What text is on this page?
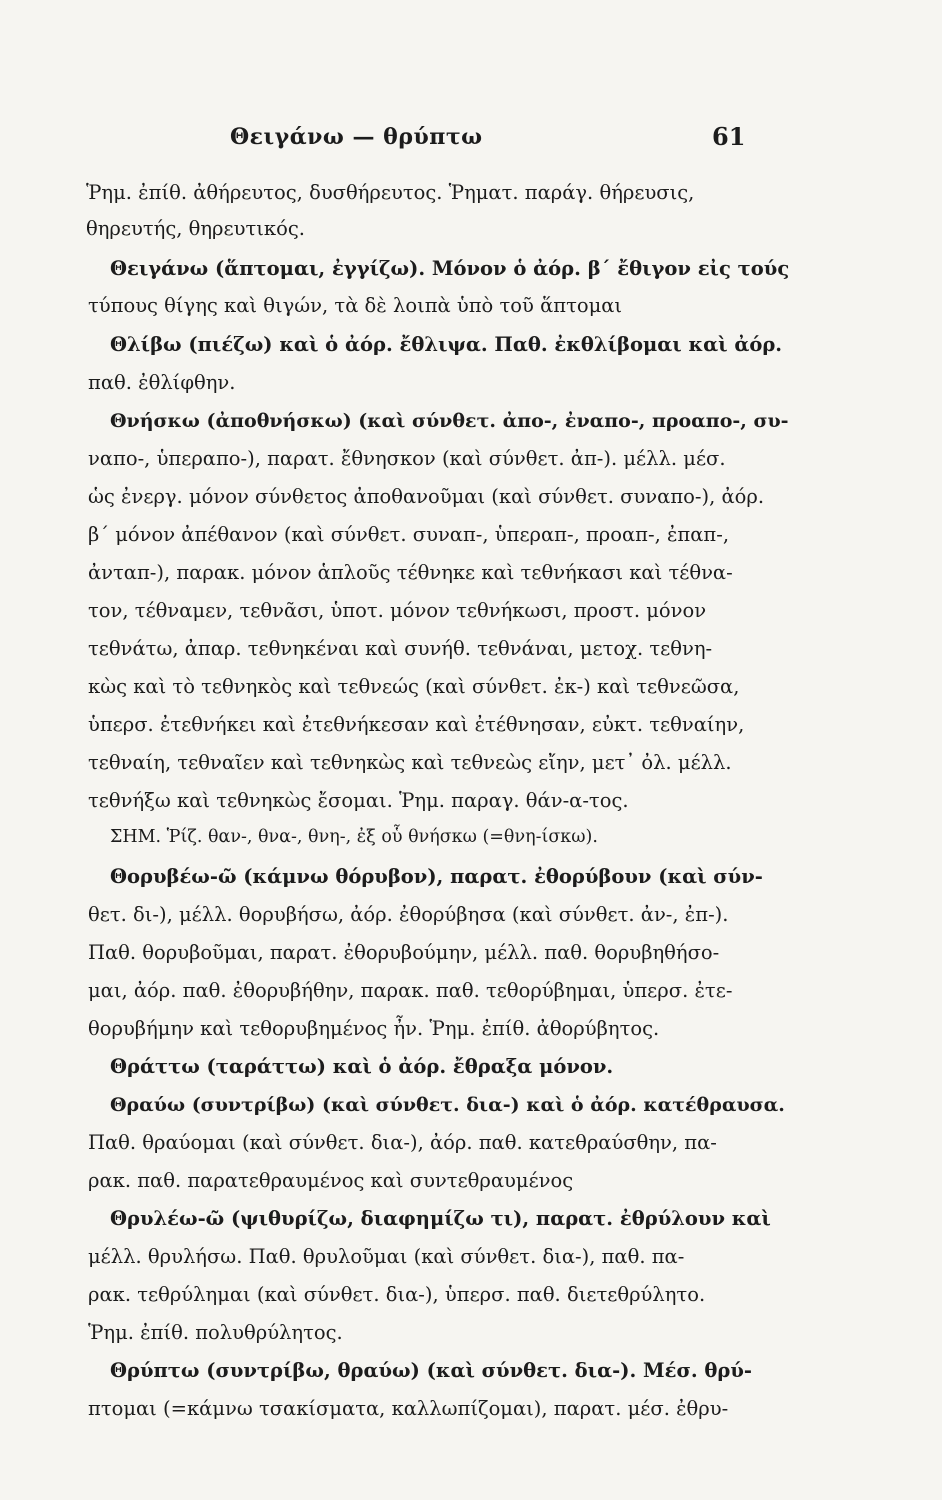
Θειγάνω — θρύπτω	61
Ῥημ. ἐπίθ. ἀθήρευτος, δυσθήρευτος. Ῥηματ. παράγ. θήρευσις,
θηρευτής, θηρευτικός.
Θειγάνω (ἅπτομαι, ἐγγίζω). Μόνον ὁ ἀόρ. β΄ ἔθιγον εἰς τούς
τύπους θίγης καὶ θιγών, τὰ δὲ λοιπὰ ὑπὸ τοῦ ἅπτομαι
Θλίβω (πιέζω) καὶ ὁ ἀόρ. ἔθλιψα. Παθ. ἐκθλίβομαι καὶ ἀόρ.
παθ. ἐθλίφθην.
Θνήσκω (ἀποθνήσκω) (καὶ σύνθετ. ἀπο-, ἐναπο-, προαπο-, συ-
ναπο-, ὑπεραπο-), παρατ. ἔθνησκον (καὶ σύνθετ. ἀπ-). μέλλ. μέσ.
ὡς ἐνεργ. μόνον σύνθετος ἀποθανοῦμαι (καὶ σύνθετ. συναπο-), ἀόρ.
β΄ μόνον ἀπέθανον (καὶ σύνθετ. συναπ-, ὑπεραπ-, προαπ-, ἐπαπ-,
ἀνταπ-), παρακ. μόνον ἁπλοῦς τέθνηκε καὶ τεθνήκασι καὶ τέθνα-
τον, τέθναμεν, τεθνᾶσι, ὑποτ. μόνον τεθνήκωσι, προστ. μόνον
τεθνάτω, ἀπαρ. τεθνηκέναι καὶ συνήθ. τεθνάναι, μετοχ. τεθνη-
κὼς καὶ τὸ τεθνηκὸς καὶ τεθνεώς (καὶ σύνθετ. ἐκ-) καὶ τεθνεῶσα,
ὑπερσ. ἐτεθνήκει καὶ ἐτεθνήκεσαν καὶ ἐτέθνησαν, εὐκτ. τεθναίην,
τεθναίη, τεθναῖεν καὶ τεθνηκὼς καὶ τεθνεὼς εἴην, μετ᾽ ὀλ. μέλλ.
τεθνήξω καὶ τεθνηκὼς ἔσομαι. Ῥημ. παραγ. θάν-α-τος.
ΣΗΜ. Ῥίζ. θαν-, θνα-, θνη-, ἐξ οὗ θνήσκω (=θνη-ίσκω).
Θορυβέω-ῶ (κάμνω θόρυβον), παρατ. ἐθορύβουν (καὶ σύν-
θετ. δι-), μέλλ. θορυβήσω, ἀόρ. ἐθορύβησα (καὶ σύνθετ. ἀν-, ἐπ-).
Παθ. θορυβοῦμαι, παρατ. ἐθορυβούμην, μέλλ. παθ. θορυβηθήσο-
μαι, ἀόρ. παθ. ἐθορυβήθην, παρακ. παθ. τεθορύβημαι, ὑπερσ. ἐτε-
θορυβήμην καὶ τεθορυβημένος ἦν. Ῥημ. ἐπίθ. ἀθορύβητος.
Θράττω (ταράττω) καὶ ὁ ἀόρ. ἔθραξα μόνον.
Θραύω (συντρίβω) (καὶ σύνθετ. δια-) καὶ ὁ ἀόρ. κατέθραυσα.
Παθ. θραύομαι (καὶ σύνθετ. δια-), ἀόρ. παθ. κατεθραύσθην, πα-
ρακ. παθ. παρατεθραυμένος καὶ συντεθραυμένος
Θρυλέω-ῶ (ψιθυρίζω, διαφημίζω τι), παρατ. ἐθρύλουν καὶ
μέλλ. θρυλήσω. Παθ. θρυλοῦμαι (καὶ σύνθετ. δια-), παθ. πα-
ρακ. τεθρύλημαι (καὶ σύνθετ. δια-), ὑπερσ. παθ. διετεθρύλητο.
Ῥημ. ἐπίθ. πολυθρύλητος.
Θρύπτω (συντρίβω, θραύω) (καὶ σύνθετ. δια-). Μέσ. θρύ-
πτομαι (=κάμνω τσακίσματα, καλλωπίζομαι), παρατ. μέσ. ἐθρυ-
